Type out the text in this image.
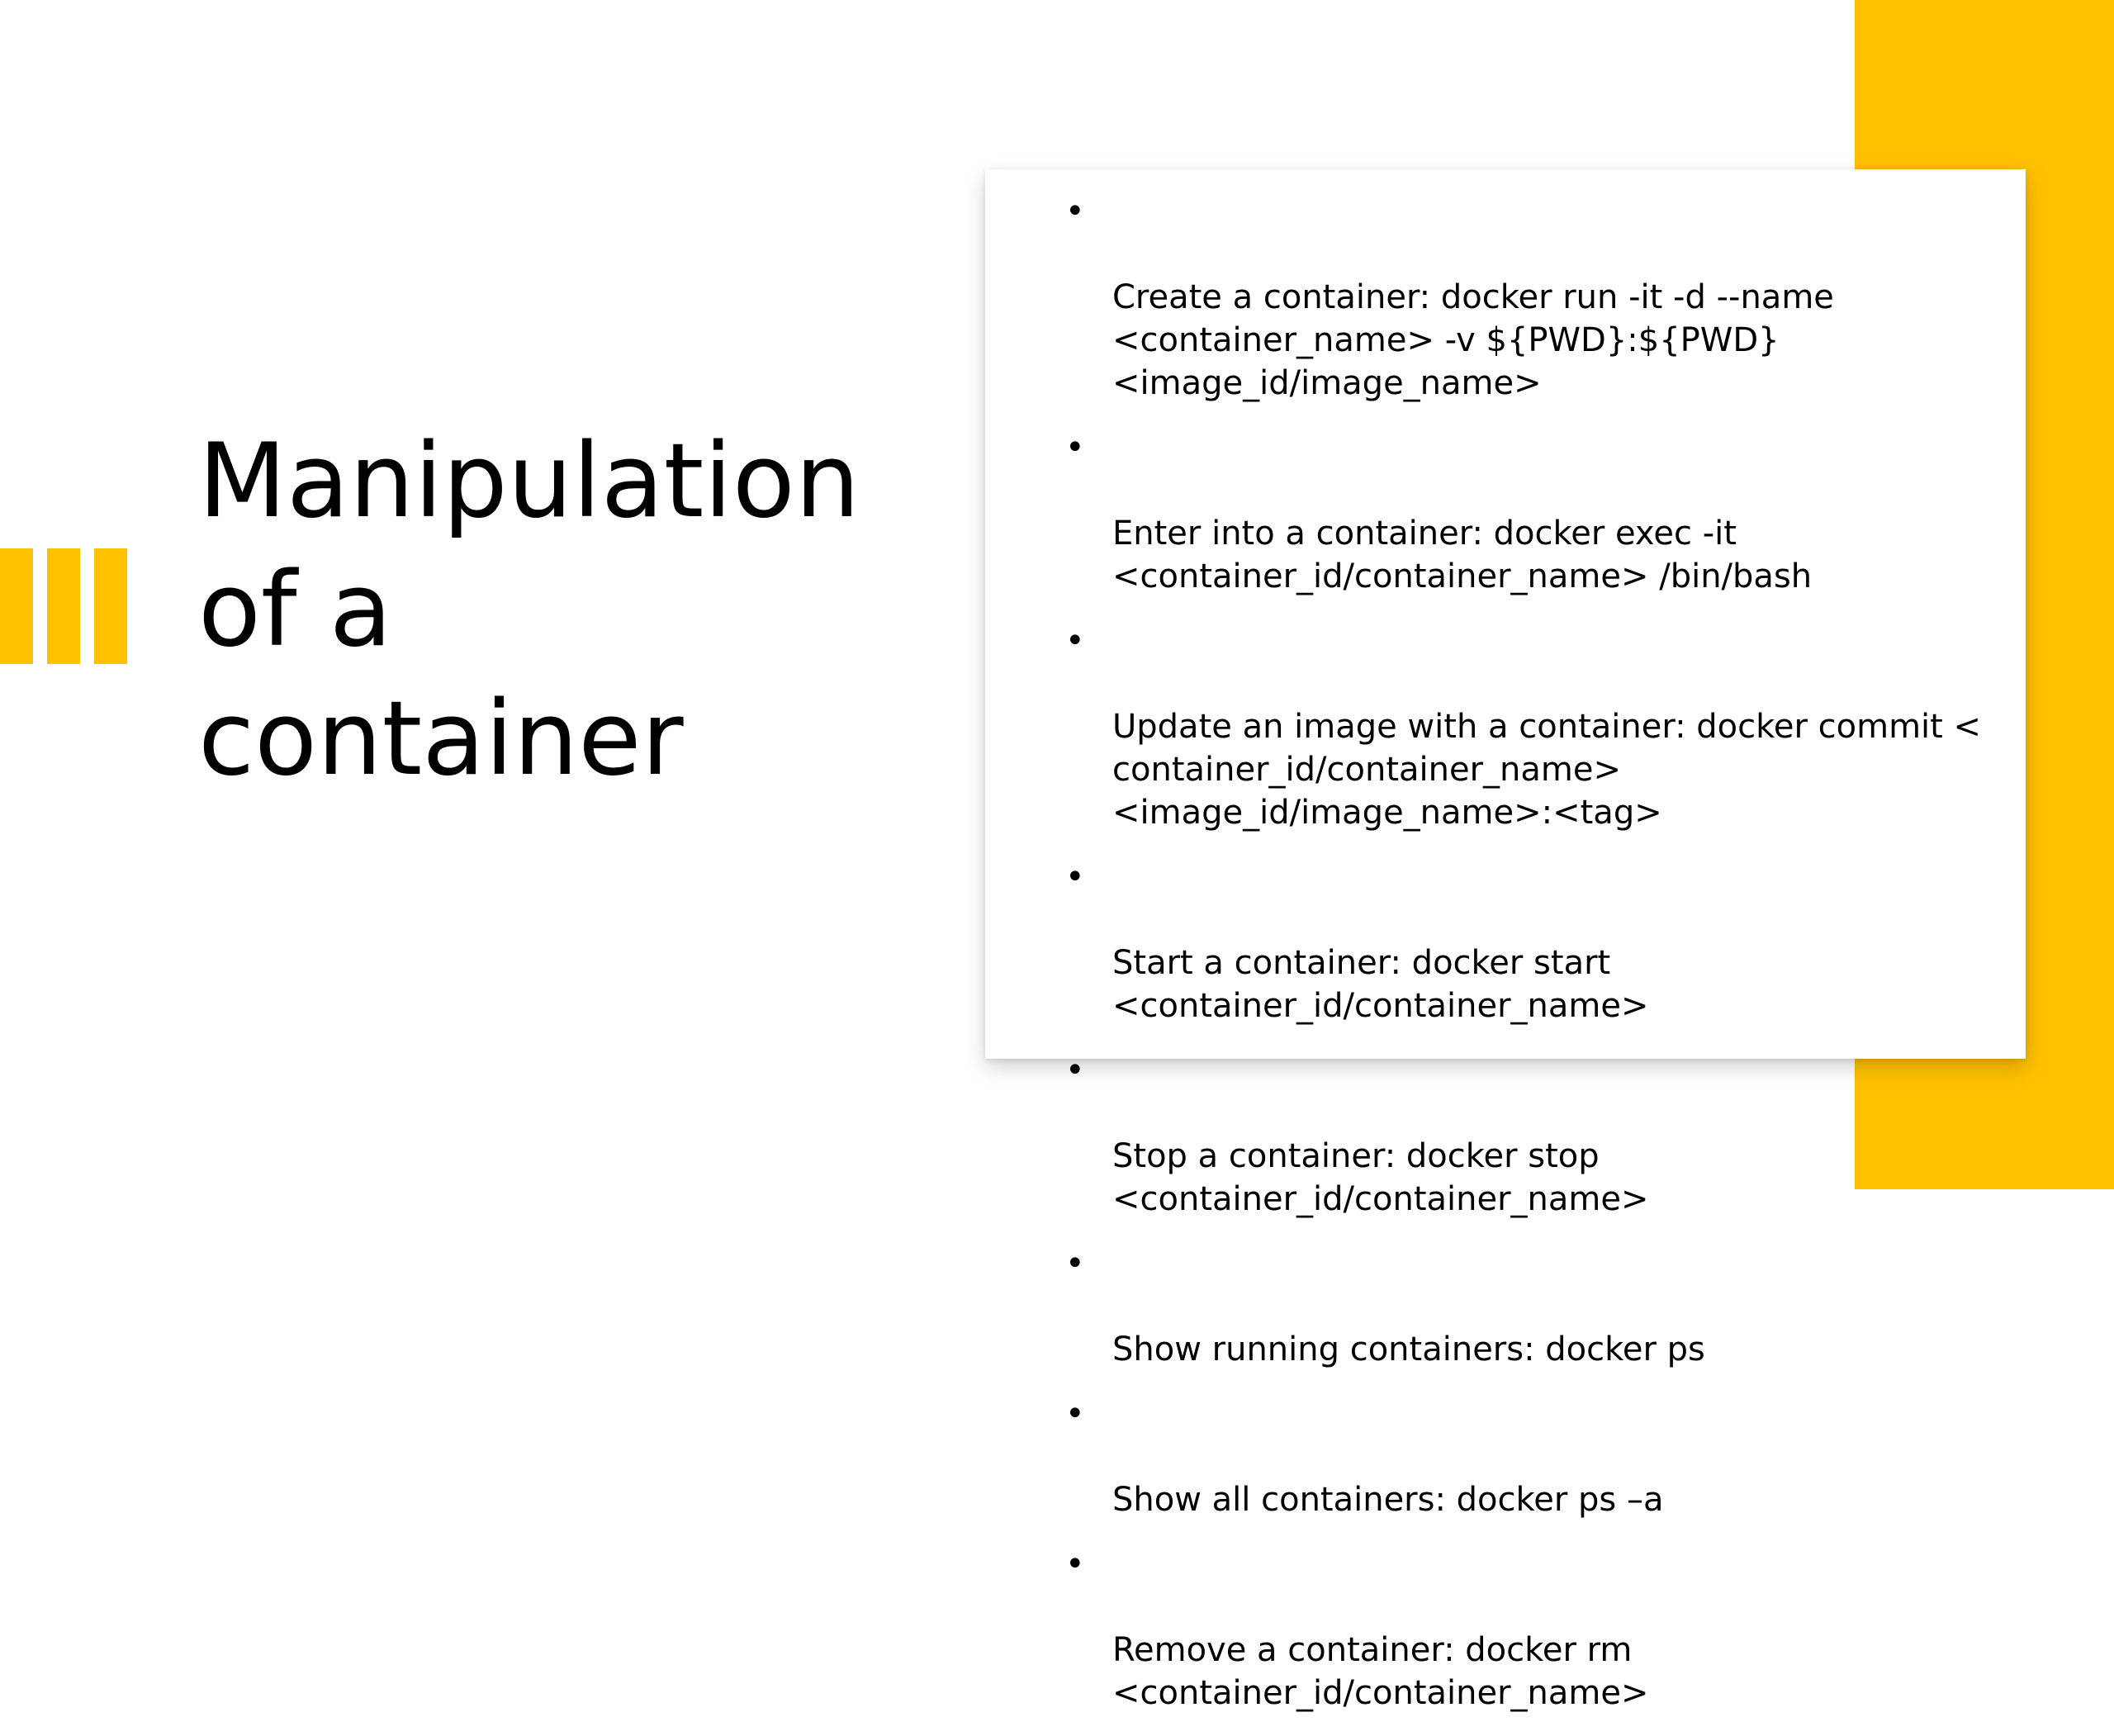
Manipulation
of a
container

•

Create a container: docker run -it -d --name
<container_name> -v ${PWD}:${PWD}
<image_id/image_name>

•

Enter into a container: docker exec -it
<container_id/container_name> /bin/bash

•

Update an image with a container: docker commit <
container_id/container_name>
<image_id/image_name>:<tag>

•

Start a container: docker start
<container_id/container_name>

•

Stop a container: docker stop
<container_id/container_name>

•

Show running containers: docker ps

•

Show all containers: docker ps –a

•

Remove a container: docker rm
<container_id/container_name>
